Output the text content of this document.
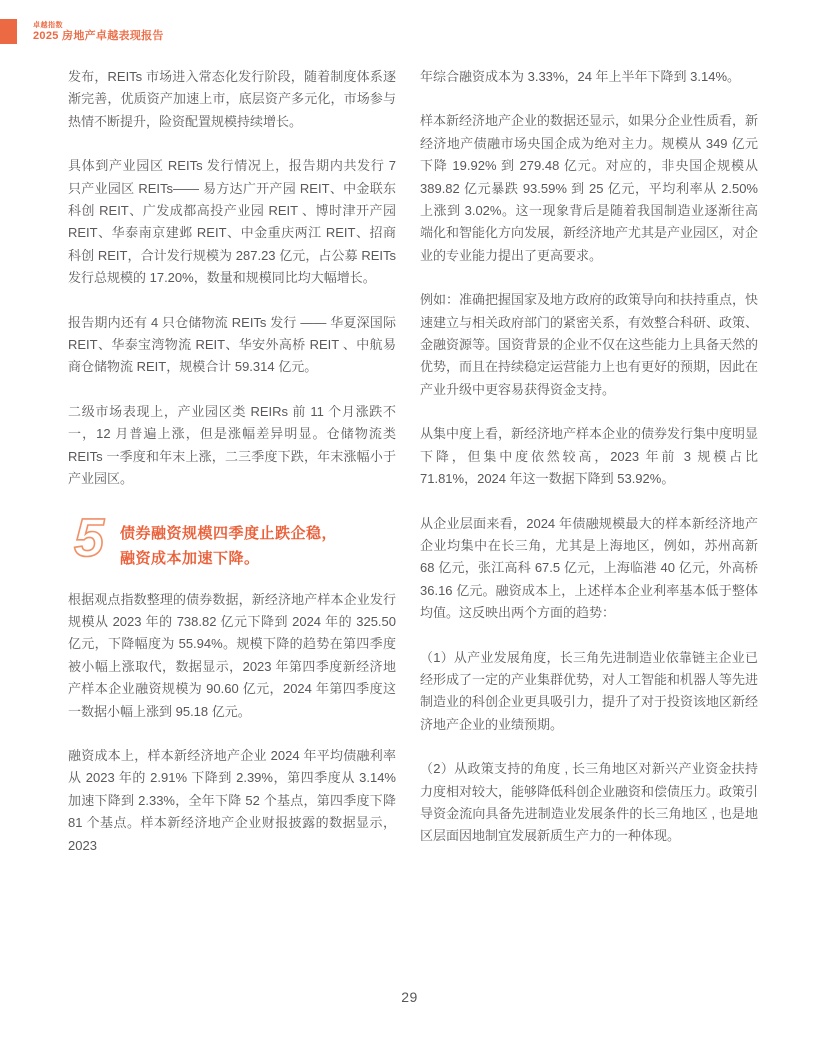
卓越指数
2025 房地产卓越表现报告

发布，REITs 市场进入常态化发行阶段，随着制度体系逐渐完善，优质资产加速上市，底层资产多元化，市场参与热情不断提升，险资配置规模持续增长。

具体到产业园区 REITs 发行情况上，报告期内共发行 7 只产业园区 REITs—— 易方达广开产园 REIT、中金联东科创 REIT、广发成都高投产业园 REIT 、博时津开产园 REIT、华泰南京建邺 REIT、中金重庆两江 REIT、招商科创 REIT，合计发行规模为 287.23 亿元，占公募 REITs 发行总规模的 17.20%，数量和规模同比均大幅增长。

报告期内还有 4 只仓储物流 REITs 发行 —— 华夏深国际 REIT、华泰宝湾物流 REIT、华安外高桥 REIT 、中航易商仓储物流 REIT，规模合计 59.314 亿元。

二级市场表现上，产业园区类 REIRs 前 11 个月涨跌不一，12 月普遍上涨，但是涨幅差异明显。仓储物流类 REITs 一季度和年末上涨，二三季度下跌，年末涨幅小于产业园区。

5 债券融资规模四季度止跌企稳，
融资成本加速下降。

根据观点指数整理的债券数据，新经济地产样本企业发行规模从 2023 年的 738.82 亿元下降到 2024 年的 325.50 亿元，下降幅度为 55.94%。规模下降的趋势在第四季度被小幅上涨取代，数据显示，2023 年第四季度新经济地产样本企业融资规模为 90.60 亿元，2024 年第四季度这一数据小幅上涨到 95.18 亿元。

融资成本上，样本新经济地产企业 2024 年平均债融利率从 2023 年的 2.91% 下降到 2.39%，第四季度从 3.14% 加速下降到 2.33%，全年下降 52 个基点，第四季度下降 81 个基点。样本新经济地产企业财报披露的数据显示，2023

年综合融资成本为 3.33%，24 年上半年下降到 3.14%。

样本新经济地产企业的数据还显示，如果分企业性质看，新经济地产债融市场央国企成为绝对主力。规模从 349 亿元下降 19.92% 到 279.48 亿元。对应的，非央国企规模从 389.82 亿元暴跌 93.59% 到 25 亿元，平均利率从 2.50% 上涨到 3.02%。这一现象背后是随着我国制造业逐渐往高端化和智能化方向发展，新经济地产尤其是产业园区，对企业的专业能力提出了更高要求。

例如：准确把握国家及地方政府的政策导向和扶持重点，快速建立与相关政府部门的紧密关系，有效整合科研、政策、金融资源等。国资背景的企业不仅在这些能力上具备天然的优势，而且在持续稳定运营能力上也有更好的预期，因此在产业升级中更容易获得资金支持。

从集中度上看，新经济地产样本企业的债券发行集中度明显下降，但集中度依然较高，2023 年前 3 规模占比 71.81%，2024 年这一数据下降到 53.92%。

从企业层面来看，2024 年债融规模最大的样本新经济地产企业均集中在长三角，尤其是上海地区，例如，苏州高新 68 亿元，张江高科 67.5 亿元，上海临港 40 亿元，外高桥 36.16 亿元。融资成本上，上述样本企业利率基本低于整体均值。这反映出两个方面的趋势：

（1）从产业发展角度，长三角先进制造业依靠链主企业已经形成了一定的产业集群优势，对人工智能和机器人等先进制造业的科创企业更具吸引力，提升了对于投资该地区新经济地产企业的业绩预期。

（2）从政策支持的角度 , 长三角地区对新兴产业资金扶持力度相对较大，能够降低科创企业融资和偿债压力。政策引导资金流向具备先进制造业发展条件的长三角地区 , 也是地区层面因地制宜发展新质生产力的一种体现。

29
